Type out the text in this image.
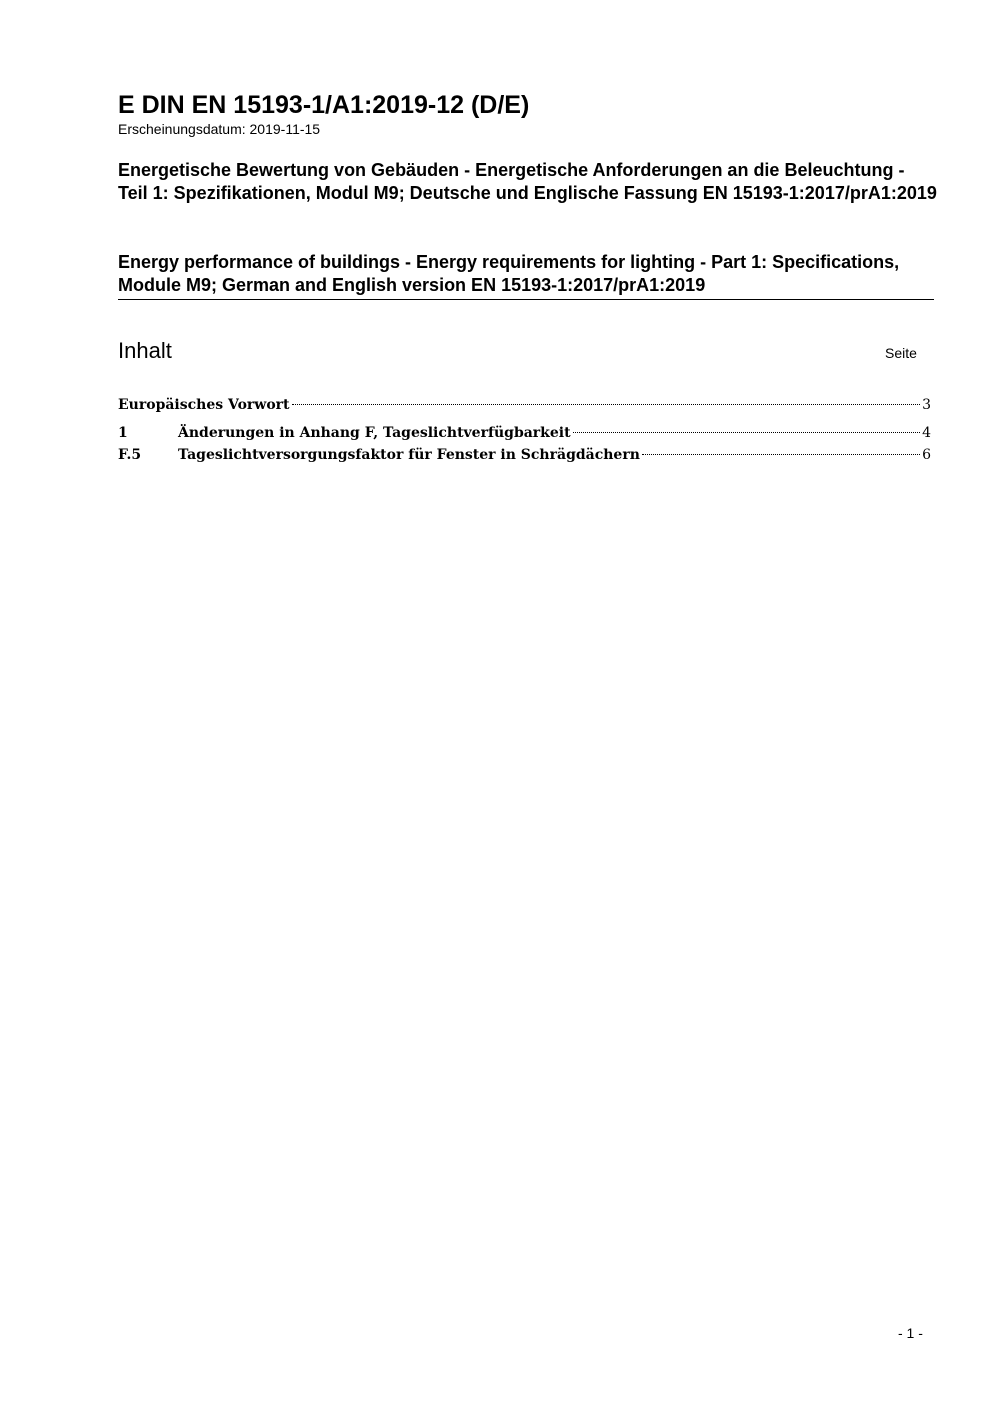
E DIN EN 15193-1/A1:2019-12 (D/E)
Erscheinungsdatum: 2019-11-15

Energetische Bewertung von Gebäuden - Energetische Anforderungen an die Beleuchtung - Teil 1: Spezifikationen, Modul M9; Deutsche und Englische Fassung EN 15193-1:2017/prA1:2019

Energy performance of buildings - Energy requirements for lighting - Part 1: Specifications, Module M9; German and English version EN 15193-1:2017/prA1:2019

Inhalt	Seite
Europäisches Vorwort	3
1	Änderungen in Anhang F, Tageslichtverfügbarkeit	4
F.5	Tageslichtversorgungsfaktor für Fenster in Schrägdächern	6
- 1 -
